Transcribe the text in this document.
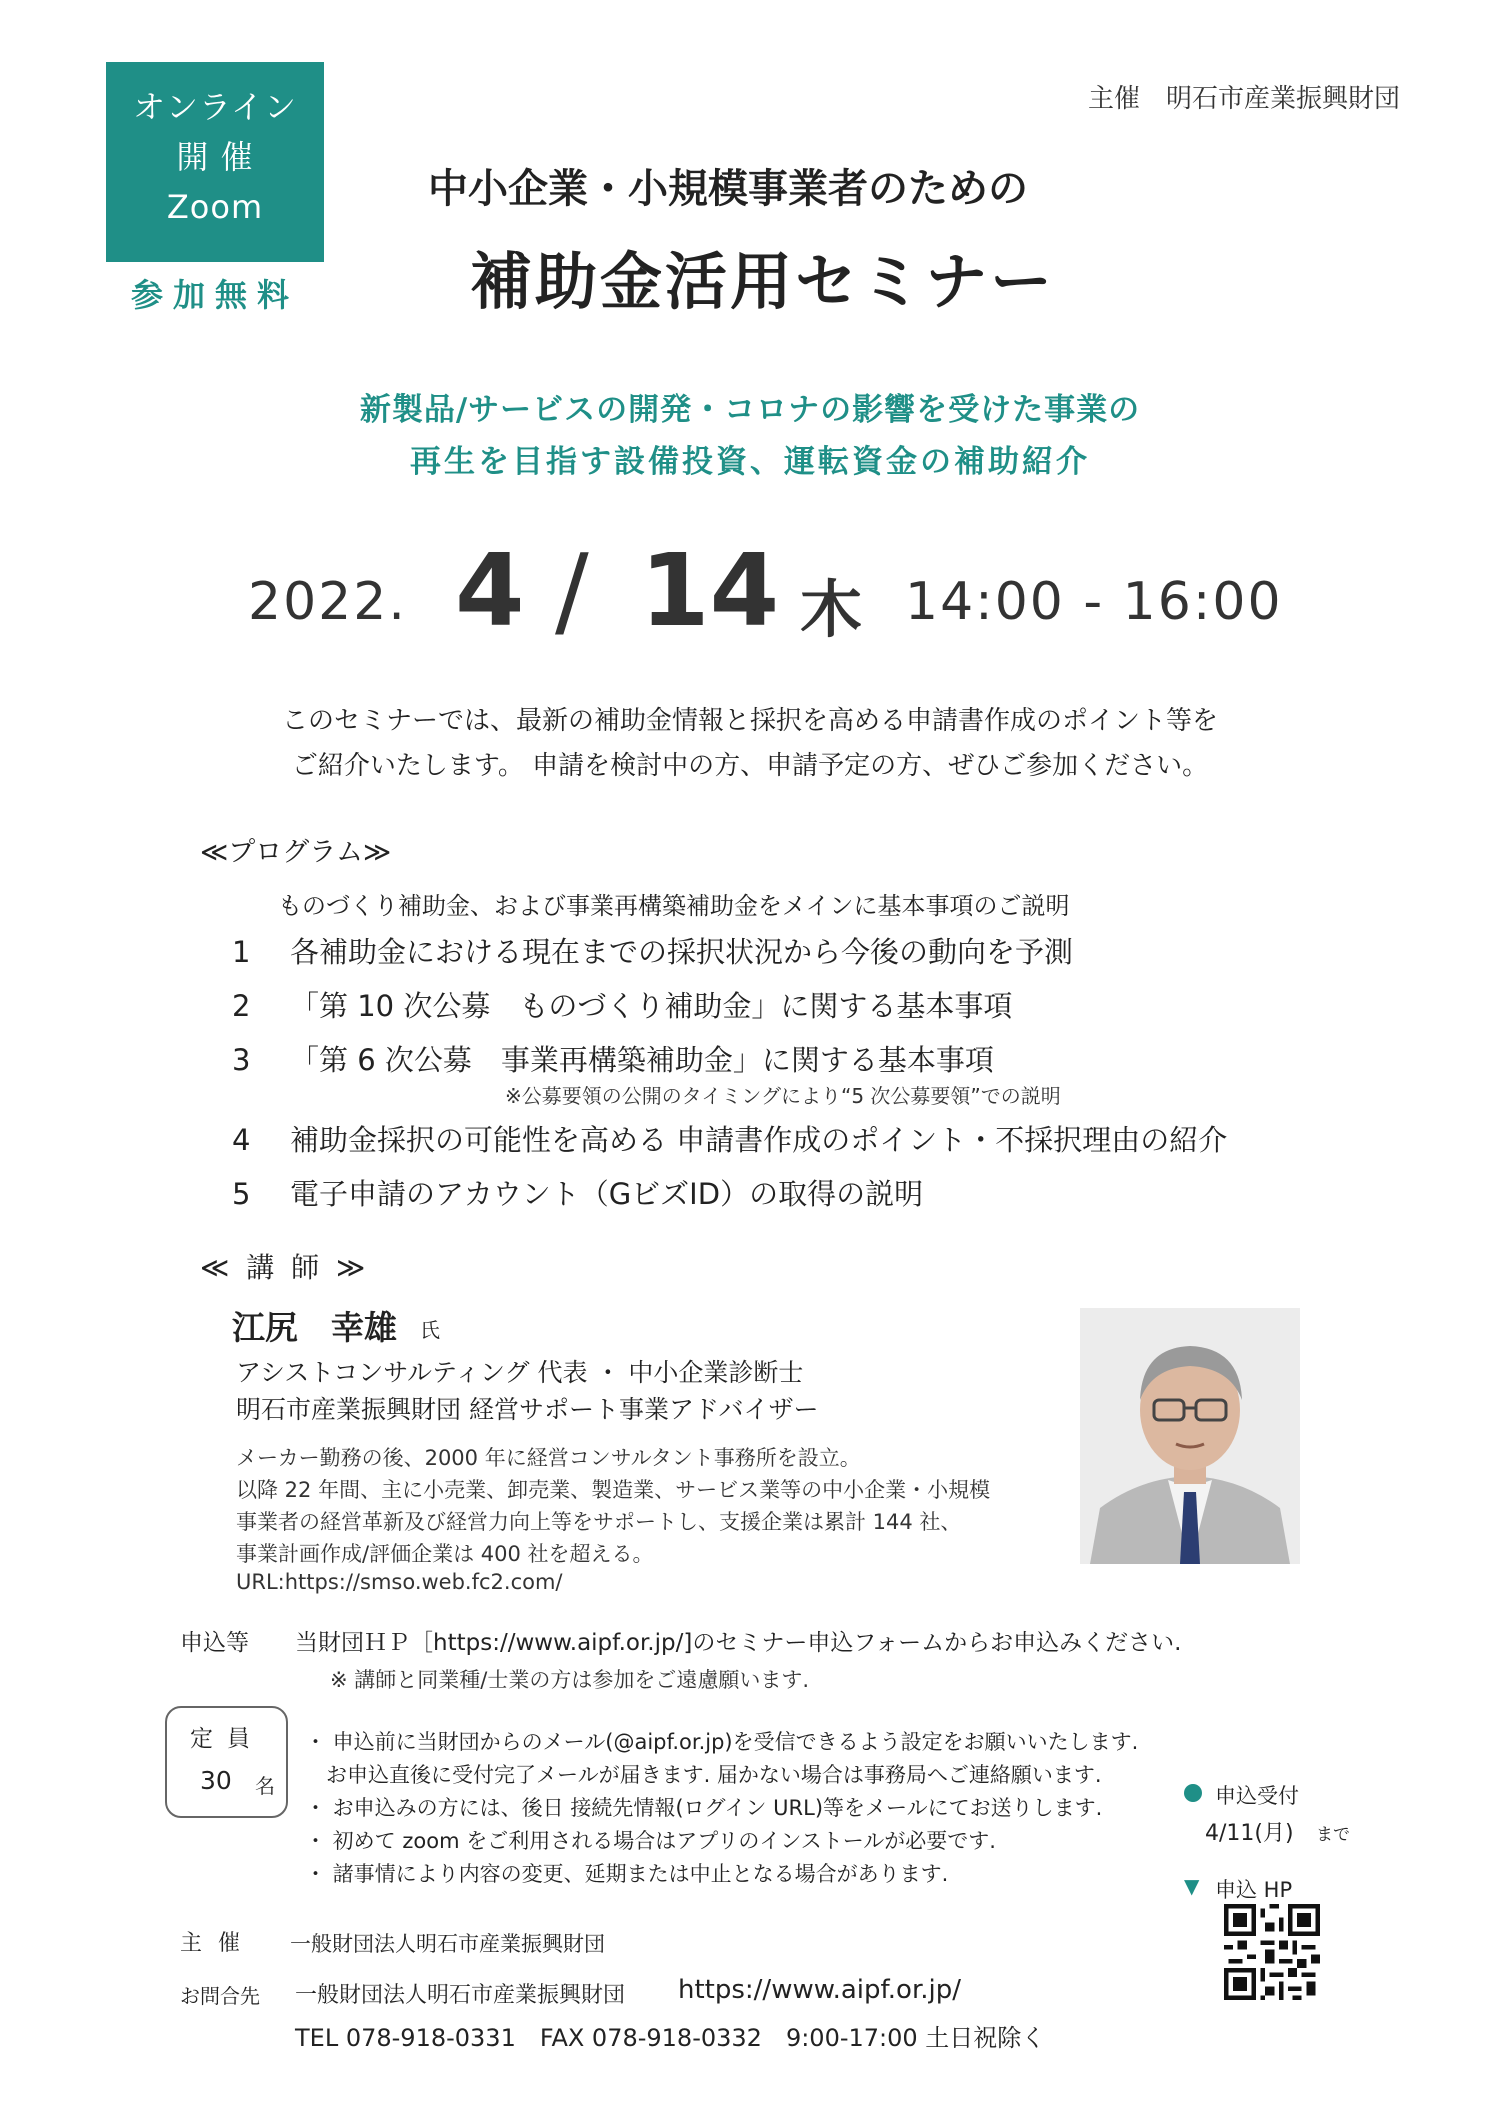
オンライン
開 催
Zoom
参加無料
主催　明石市産業振興財団
中小企業・小規模事業者のための
補助金活用セミナー
新製品/サービスの開発・コロナの影響を受けた事業の
再生を目指す設備投資、運転資金の補助紹介
2022. 4 / 14 木 14:00 - 16:00
このセミナーでは、最新の補助金情報と採択を高める申請書作成のポイント等を
ご紹介いたします。 申請を検討中の方、申請予定の方、ぜひご参加ください。
≪プログラム≫
ものづくり補助金、および事業再構築補助金をメインに基本事項のご説明
1 各補助金における現在までの採択状況から今後の動向を予測
2 「第 10 次公募　ものづくり補助金」に関する基本事項
3 「第 6 次公募　事業再構築補助金」に関する基本事項
※公募要領の公開のタイミングにより“5 次公募要領”での説明
4 補助金採択の可能性を高める 申請書作成のポイント・不採択理由の紹介
5 電子申請のアカウント（GビズID）の取得の説明
≪ 講 師 ≫
江尻　幸雄 氏
アシストコンサルティング 代表 ・ 中小企業診断士
明石市産業振興財団 経営サポート事業アドバイザー
メーカー勤務の後、2000 年に経営コンサルタント事務所を設立。
以降 22 年間、主に小売業、卸売業、製造業、サービス業等の中小企業・小規模
事業者の経営革新及び経営力向上等をサポートし、支援企業は累計 144 社、
事業計画作成/評価企業は 400 社を超える。
URL:https://smso.web.fc2.com/
申込等 当財団ＨＰ［https://www.aipf.or.jp/]のセミナー申込フォームからお申込みください.
※ 講師と同業種/士業の方は参加をご遠慮願います.
定員
30 名
・ 申込前に当財団からのメール(@aipf.or.jp)を受信できるよう設定をお願いいたします.
　お申込直後に受付完了メールが届きます. 届かない場合は事務局へご連絡願います.
・ お申込みの方には、後日 接続先情報(ログイン URL)等をメールにてお送りします.
・ 初めて zoom をご利用される場合はアプリのインストールが必要です.
・ 諸事情により内容の変更、延期または中止となる場合があります.
申込受付
4/11(月) まで
▼ 申込 HP
主催 一般財団法人明石市産業振興財団
お問合先 一般財団法人明石市産業振興財団 https://www.aipf.or.jp/
TEL 078-918-0331　FAX 078-918-0332　9:00-17:00 土日祝除く
